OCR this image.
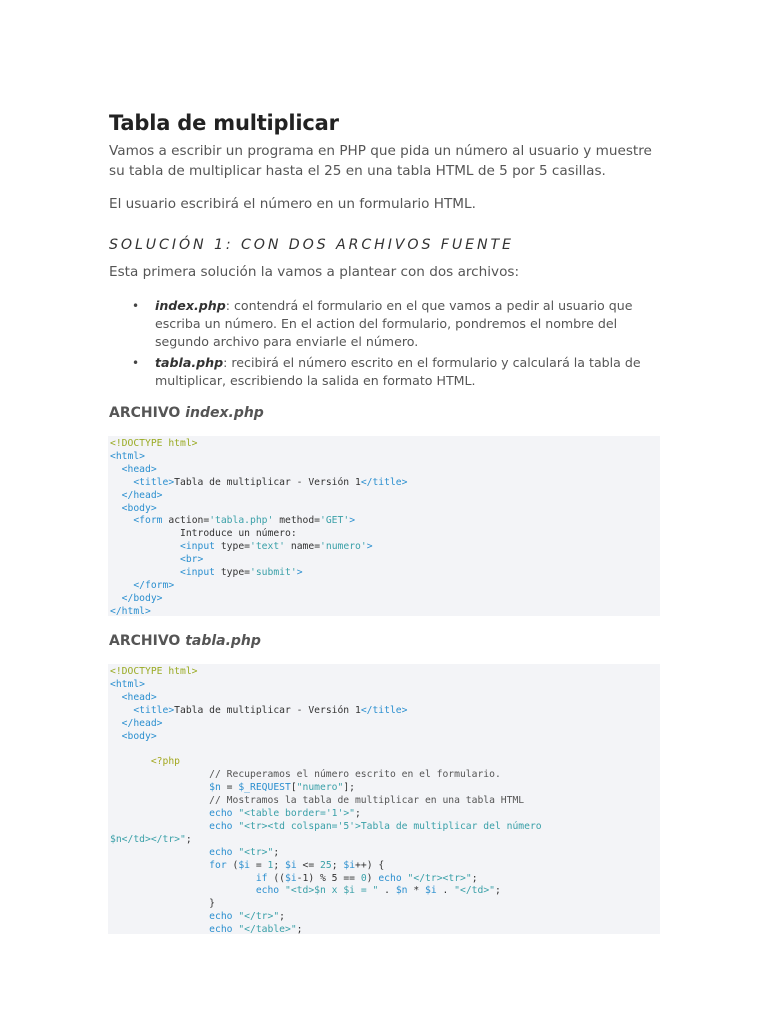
Tabla de multiplicar
Vamos a escribir un programa en PHP que pida un número al usuario y muestre
su tabla de multiplicar hasta el 25 en una tabla HTML de 5 por 5 casillas.
El usuario escribirá el número en un formulario HTML.
SOLUCIÓN 1: CON DOS ARCHIVOS FUENTE
Esta primera solución la vamos a plantear con dos archivos:
• index.php: contendrá el formulario en el que vamos a pedir al usuario que
escriba un número. En el action del formulario, pondremos el nombre del
segundo archivo para enviarle el número.
• tabla.php: recibirá el número escrito en el formulario y calculará la tabla de
multiplicar, escribiendo la salida en formato HTML.
ARCHIVO index.php
<!DOCTYPE html>
<html>
<head>
<title>Tabla de multiplicar - Versión 1</title>
</head>
<body>
<form action='tabla.php' method='GET'>
Introduce un número:
<input type='text' name='numero'>
<br>
<input type='submit'>
</form>
</body>
</html>
ARCHIVO tabla.php
<!DOCTYPE html>
<html>
<head>
<title>Tabla de multiplicar - Versión 1</title>
</head>
<body>

<?php
// Recuperamos el número escrito en el formulario.
$n = $_REQUEST["numero"];
// Mostramos la tabla de multiplicar en una tabla HTML
echo "<table border='1'>";
echo "<tr><td colspan='5'>Tabla de multiplicar del número
$n</td></tr>";
echo "<tr>";
for ($i = 1; $i <= 25; $i++) {
if (($i-1) % 5 == 0) echo "</tr><tr>";
echo "<td>$n x $i = " . $n * $i . "</td>";
}
echo "</tr>";
echo "</table>";
